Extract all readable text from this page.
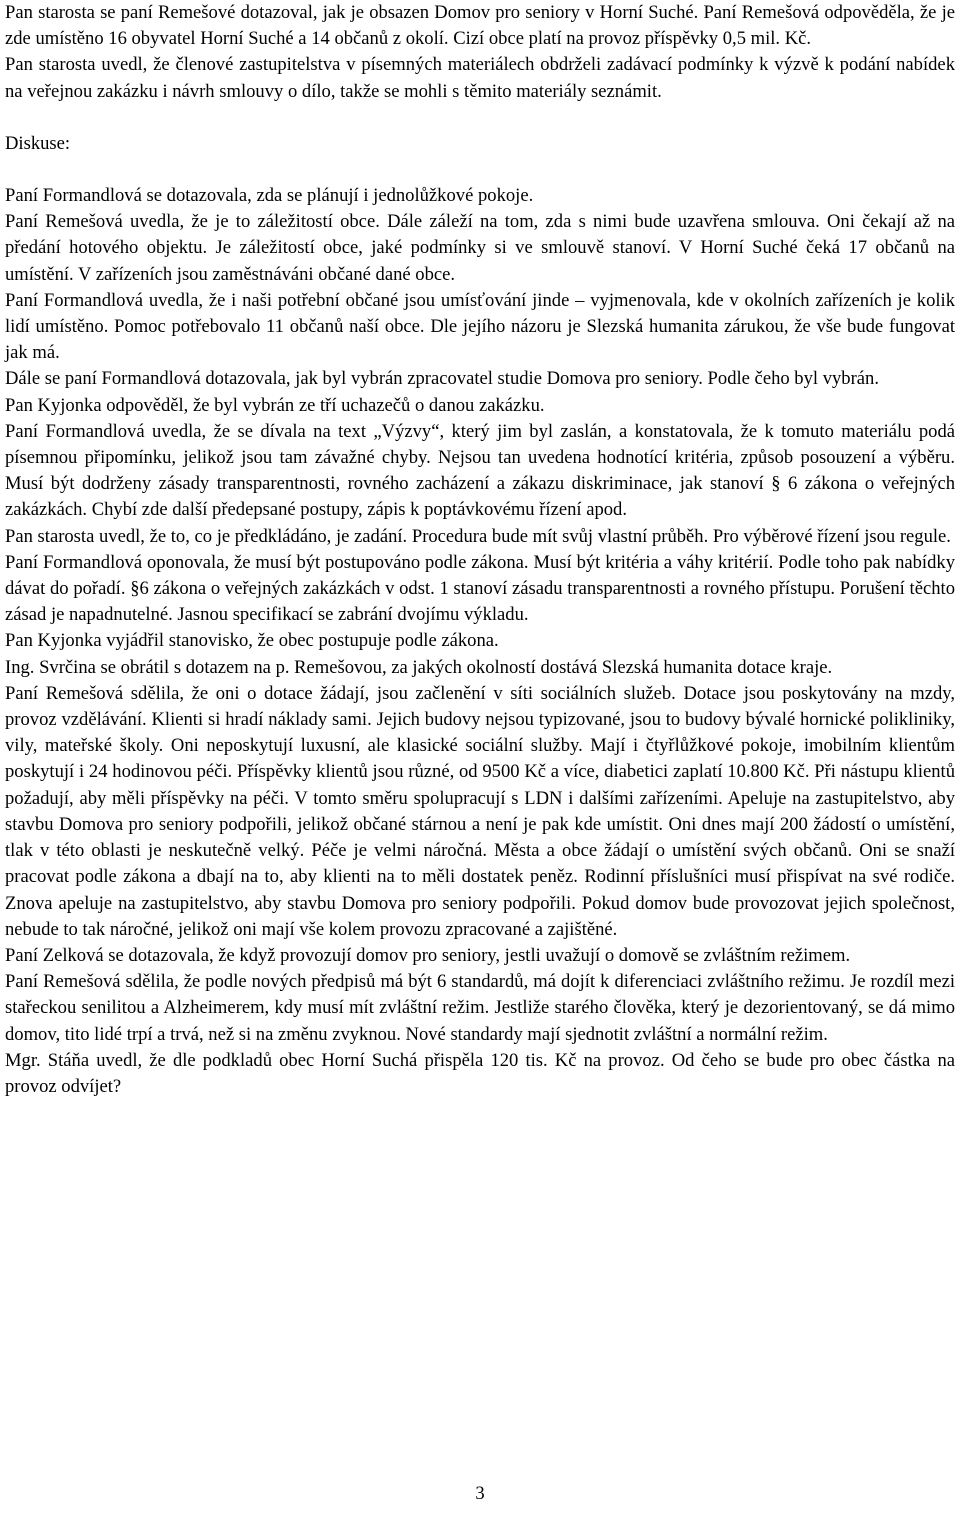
Pan starosta se paní Remešové dotazoval, jak je obsazen Domov pro seniory v Horní Suché. Paní Remešová odpověděla, že je zde umístěno 16 obyvatel Horní Suché a 14 občanů z okolí. Cizí obce platí na provoz příspěvky 0,5 mil. Kč.

Pan starosta uvedl, že členové zastupitelstva v písemných materiálech obdrželi zadávací podmínky k výzvě k podání nabídek na veřejnou zakázku i návrh smlouvy o dílo, takže se mohli s těmito materiály seznámit.

Diskuse:

Paní Formandlová se dotazovala, zda se plánují i jednolůžkové pokoje.

Paní Remešová uvedla, že je to záležitostí obce. Dále záleží na tom, zda s nimi bude uzavřena smlouva. Oni čekají až na předání hotového objektu. Je záležitostí obce, jaké podmínky si ve smlouvě stanoví. V Horní Suché čeká 17 občanů na umístění. V zařízeních jsou zaměstnáváni občané dané obce.

Paní Formandlová uvedla, že i naši potřební občané jsou umísťování jinde – vyjmenovala, kde v okolních zařízeních je kolik lidí umístěno. Pomoc potřebovalo 11 občanů naší obce. Dle jejího názoru je Slezská humanita zárukou, že vše bude fungovat jak má.

Dále se paní Formandlová dotazovala, jak byl vybrán zpracovatel studie Domova pro seniory. Podle čeho byl vybrán.

Pan Kyjonka odpověděl, že byl vybrán ze tří uchazečů o danou zakázku.

Paní Formandlová uvedla, že se dívala na text „Výzvy“, který jim byl zaslán, a konstatovala, že k tomuto materiálu podá písemnou připomínku, jelikož jsou tam závažné chyby. Nejsou tan uvedena hodnotící kritéria, způsob posouzení a výběru. Musí být dodrženy zásady transparentnosti, rovného zacházení a zákazu diskriminace, jak stanoví § 6 zákona o veřejných zakázkách. Chybí zde další předepsané postupy, zápis k poptávkovému řízení apod.

Pan starosta uvedl, že to, co je předkládáno, je zadání. Procedura bude mít svůj vlastní průběh. Pro výběrové řízení jsou regule.

Paní Formandlová oponovala, že musí být postupováno podle zákona. Musí být kritéria a váhy kritérií. Podle toho pak nabídky dávat do pořadí. §6 zákona o veřejných zakázkách v odst. 1 stanoví zásadu transparentnosti a rovného přístupu. Porušení těchto zásad je napadnutelné. Jasnou specifikací se zabrání dvojímu výkladu.

Pan Kyjonka vyjádřil stanovisko, že obec postupuje podle zákona.

Ing. Svrčina se obrátil s dotazem na p. Remešovou, za jakých okolností dostává Slezská humanita dotace kraje.

Paní Remešová sdělila, že oni o dotace žádají, jsou začlenění v síti sociálních služeb. Dotace jsou poskytovány na mzdy, provoz vzdělávání. Klienti si hradí náklady sami. Jejich budovy nejsou typizované, jsou to budovy bývalé hornické polikliniky, vily, mateřské školy. Oni neposkytují luxusní, ale klasické sociální služby. Mají i čtyřlůžkové pokoje, imobilním klientům poskytují i 24 hodinovou péči. Příspěvky klientů jsou různé, od 9500 Kč a více, diabetici zaplatí 10.800 Kč. Při nástupu klientů požadují, aby měli příspěvky na péči. V tomto směru spolupracují s LDN i dalšími zařízeními. Apeluje na zastupitelstvo, aby stavbu Domova pro seniory podpořili, jelikož občané stárnou a není je pak kde umístit. Oni dnes mají 200 žádostí o umístění, tlak v této oblasti je neskutečně velký. Péče je velmi náročná. Města a obce žádají o umístění svých občanů. Oni se snaží pracovat podle zákona a dbají na to, aby klienti na to měli dostatek peněz. Rodinní příslušníci musí přispívat na své rodiče. Znova apeluje na zastupitelstvo, aby stavbu Domova pro seniory podpořili. Pokud domov bude provozovat jejich společnost, nebude to tak náročné, jelikož oni mají vše kolem provozu zpracované a zajištěné.

Paní Zelková se dotazovala, že když provozují domov pro seniory, jestli uvažují o domově se zvláštním režimem.

Paní Remešová sdělila, že podle nových předpisů má být 6 standardů, má dojít k diferenciaci zvláštního režimu. Je rozdíl mezi stařeckou senilitou a Alzheimerem, kdy musí mít zvláštní režim. Jestliže starého člověka, který je dezorientovaný, se dá mimo domov, tito lidé trpí a trvá, než si na změnu zvyknou. Nové standardy mají sjednotit zvláštní a normální režim.

Mgr. Stáňa uvedl, že dle podkladů obec Horní Suchá přispěla 120 tis. Kč na provoz. Od čeho se bude pro obec částka na provoz odvíjet?

3
